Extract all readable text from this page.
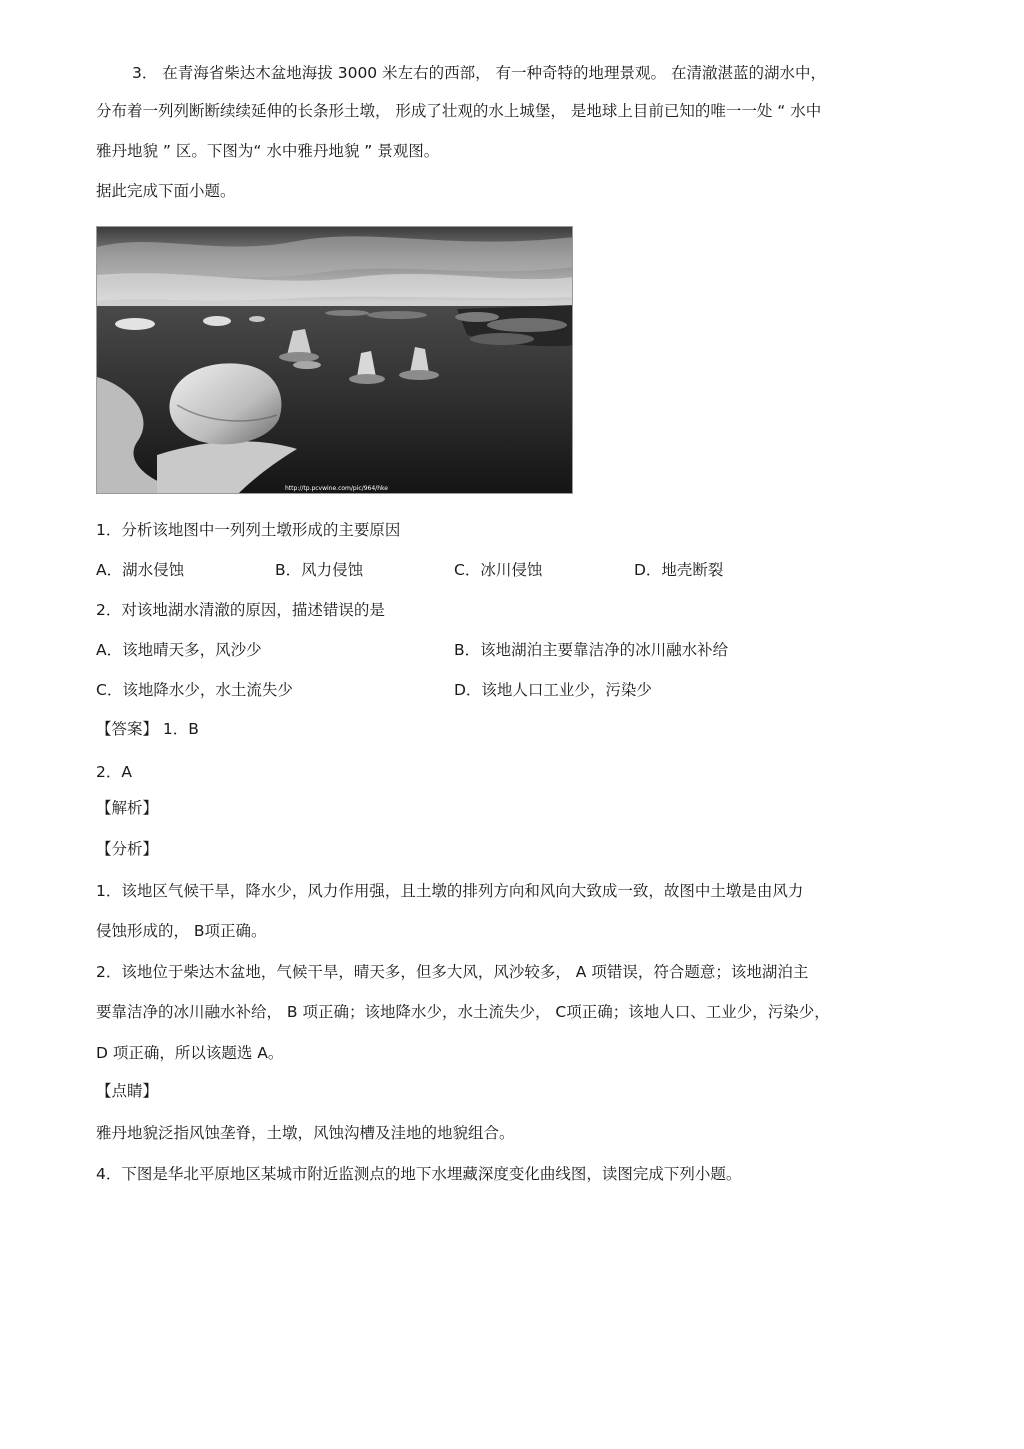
3． 在青海省柴达木盆地海拔 3000 米左右的西部， 有一种奇特的地理景观。 在清澈湛蓝的湖水中，
分布着一列列断断续续延伸的长条形土墩， 形成了壮观的水上城堡， 是地球上目前已知的唯一一处 “ 水中
雅丹地貌 ” 区。下图为“ 水中雅丹地貌 ” 景观图。
据此完成下面小题。
http://tp.pcvwine.com/pic/964/hke
1．分析该地图中一列列土墩形成的主要原因
A．湖水侵蚀	B．风力侵蚀	C．冰川侵蚀	D．地壳断裂
2．对该地湖水清澈的原因，描述错误的是
A．该地晴天多，风沙少	B．该地湖泊主要靠洁净的冰川融水补给
C．该地降水少，水土流失少	D．该地人口工业少，污染少
【答案】 1．B
2．A
【解析】
【分析】
1．该地区气候干旱，降水少，风力作用强，且土墩的排列方向和风向大致成一致，故图中土墩是由风力
侵蚀形成的， B项正确。
2．该地位于柴达木盆地，气候干旱，晴天多，但多大风，风沙较多， A 项错误，符合题意；该地湖泊主
要靠洁净的冰川融水补给， B 项正确；该地降水少，水土流失少， C项正确；该地人口、工业少，污染少，
D 项正确，所以该题选 A。
【点睛】
雅丹地貌泛指风蚀垄脊，土墩，风蚀沟槽及洼地的地貌组合。
4．下图是华北平原地区某城市附近监测点的地下水埋藏深度变化曲线图，读图完成下列小题。
